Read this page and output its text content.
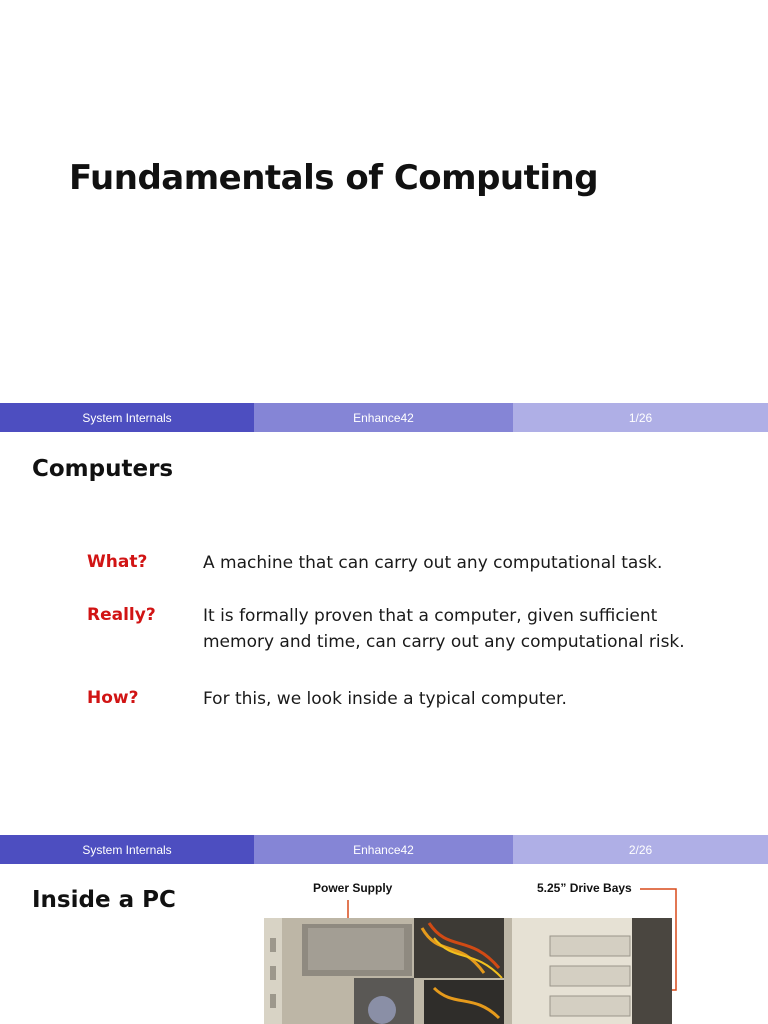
Fundamentals of Computing
System Internals	Enhance42	1/26
Computers
What?	A machine that can carry out any computational task.
Really?	It is formally proven that a computer, given sufficient memory and time, can carry out any computational risk.
How?	For this, we look inside a typical computer.
System Internals	Enhance42	2/26
Inside a PC	Power Supply	5.25” Drive Bays
